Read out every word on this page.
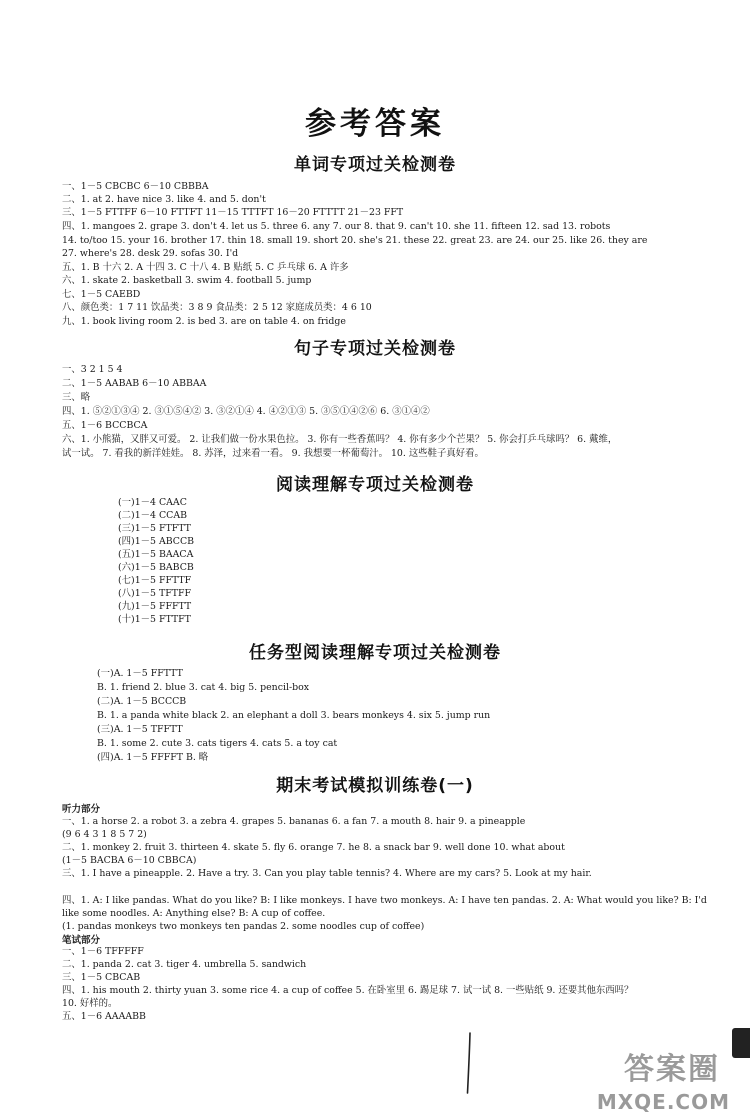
参考答案
单词专项过关检测卷
一、1－5 CBCBC 6－10 CBBBA
二、1. at 2. have nice 3. like 4. and 5. don't
三、1－5 FTTFF 6－10 FTTFT 11－15 TTTFT 16－20 FTTTT 21－23 FFT
四、1. mangoes 2. grape 3. don't 4. let us 5. three 6. any 7. our 8. that 9. can't 10. she 11. fifteen 12. sad 13. robots
14. to/too 15. your 16. brother 17. thin 18. small 19. short 20. she's 21. these 22. great 23. are 24. our 25. like 26. they are
27. where's 28. desk 29. sofas 30. I'd
五、1. B 十六 2. A 十四 3. C 十八 4. B 贴纸 5. C 乒乓球 6. A 许多
六、1. skate 2. basketball 3. swim 4. football 5. jump
七、1－5 CAEBD
八、颜色类：1 7 11 饮品类：3 8 9 食品类：2 5 12 家庭成员类：4 6 10
九、1. book living room 2. is bed 3. are on table 4. on fridge
句子专项过关检测卷
一、3 2 1 5 4
二、1－5 AABAB 6－10 ABBAA
三、略
四、1. ⑤②①③④ 2. ③①⑤④② 3. ③②①④ 4. ④②①③ 5. ③⑤①④②⑥ 6. ③①④②
五、1－6 BCCBCA
六、1. 小熊猫，又胖又可爱。 2. 让我们做一份水果色拉。 3. 你有一些香蕉吗？ 4. 你有多少个芒果？ 5. 你会打乒乓球吗？ 6. 戴维，
试一试。 7. 看我的新洋娃娃。 8. 苏泽，过来看一看。 9. 我想要一杯葡萄汁。 10. 这些鞋子真好看。
阅读理解专项过关检测卷
(一)1－4 CAAC
(二)1－4 CCAB
(三)1－5 FTFTT
(四)1－5 ABCCB
(五)1－5 BAACA
(六)1－5 BABCB
(七)1－5 FFTTF
(八)1－5 TFTFF
(九)1－5 FFFTT
(十)1－5 FTTFT
任务型阅读理解专项过关检测卷
(一)A. 1－5 FFTTT
B. 1. friend 2. blue 3. cat 4. big 5. pencil-box
(二)A. 1－5 BCCCB
B. 1. a panda white black 2. an elephant a doll 3. bears monkeys 4. six 5. jump run
(三)A. 1－5 TFFTT
B. 1. some 2. cute 3. cats tigers 4. cats 5. a toy cat
(四)A. 1－5 FFFFT B. 略
期末考试模拟训练卷(一)
听力部分
一、1. a horse 2. a robot 3. a zebra 4. grapes 5. bananas 6. a fan 7. a mouth 8. hair 9. a pineapple
(9 6 4 3 1 8 5 7 2)
二、1. monkey 2. fruit 3. thirteen 4. skate 5. fly 6. orange 7. he 8. a snack bar 9. well done 10. what about
(1－5 BACBA 6－10 CBBCA)
三、1. I have a pineapple. 2. Have a try. 3. Can you play table tennis? 4. Where are my cars? 5. Look at my hair.
四、1. A: I like pandas. What do you like? B: I like monkeys. I have two monkeys. A: I have ten pandas. 2. A: What would you like? B: I'd
like some noodles. A: Anything else? B: A cup of coffee.
(1. pandas monkeys two monkeys ten pandas 2. some noodles cup of coffee)
笔试部分
一、1－6 TFFFFF
二、1. panda 2. cat 3. tiger 4. umbrella 5. sandwich
三、1－5 CBCAB
四、1. his mouth 2. thirty yuan 3. some rice 4. a cup of coffee 5. 在卧室里 6. 踢足球 7. 试一试 8. 一些贴纸 9. 还要其他东西吗？
10. 好样的。
五、1－6 AAAABB
答案圈
MXQE.COM
